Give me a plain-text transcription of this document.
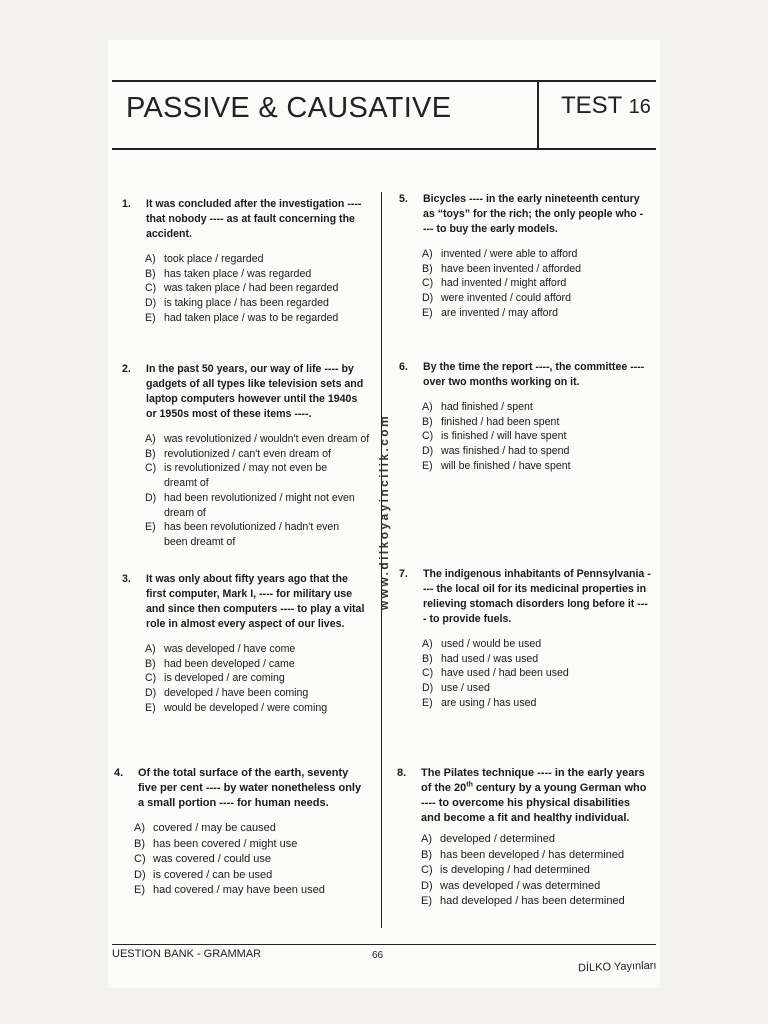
PASSIVE & CAUSATIVE	TEST 16
www.dilkoyayincilik.com
1. It was concluded after the investigation ---- that nobody ---- as at fault concerning the accident.
A) took place / regarded
B) has taken place / was regarded
C) was taken place / had been regarded
D) is taking place / has been regarded
E) had taken place / was to be regarded
2. In the past 50 years, our way of life ---- by gadgets of all types like television sets and laptop computers however until the 1940s or 1950s most of these items ----.
A) was revolutionized / wouldn't even dream of
B) revolutionized / can't even dream of
C) is revolutionized / may not even be dreamt of
D) had been revolutionized / might not even dream of
E) has been revolutionized / hadn't even been dreamt of
3. It was only about fifty years ago that the first computer, Mark I, ---- for military use and since then computers ---- to play a vital role in almost every aspect of our lives.
A) was developed / have come
B) had been developed / came
C) is developed / are coming
D) developed / have been coming
E) would be developed / were coming
4. Of the total surface of the earth, seventy five per cent ---- by water nonetheless only a small portion ---- for human needs.
A) covered / may be caused
B) has been covered / might use
C) was covered / could use
D) is covered / can be used
E) had covered / may have been used
5. Bicycles ---- in the early nineteenth century as “toys” for the rich; the only people who ---- to buy the early models.
A) invented / were able to afford
B) have been invented / afforded
C) had invented / might afford
D) were invented / could afford
E) are invented / may afford
6. By the time the report ----, the committee ---- over two months working on it.
A) had finished / spent
B) finished / had been spent
C) is finished / will have spent
D) was finished / had to spend
E) will be finished / have spent
7. The indigenous inhabitants of Pennsylvania ---- the local oil for its medicinal properties in relieving stomach disorders long before it ---- to provide fuels.
A) used / would be used
B) had used / was used
C) have used / had been used
D) use / used
E) are using / has used
8. The Pilates technique ---- in the early years of the 20th century by a young German who ---- to overcome his physical disabilities and become a fit and healthy individual.
A) developed / determined
B) has been developed / has determined
C) is developing / had determined
D) was developed / was determined
E) had developed / has been determined
UESTION BANK - GRAMMAR	66
DİLKO Yayınları
